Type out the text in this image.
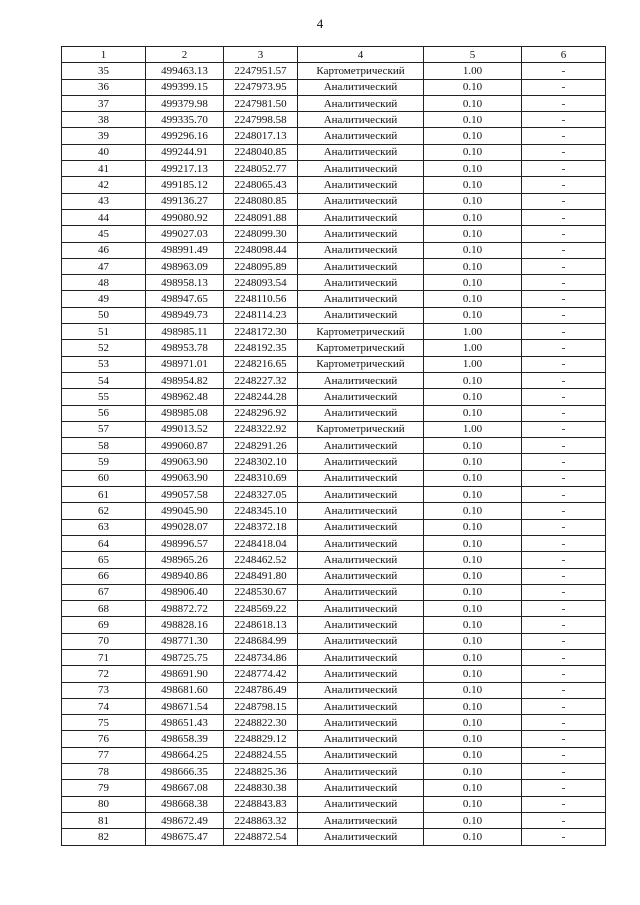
4
1	2	3	4	5	6
35	499463.13	2247951.57	Картометрический	1.00	-
36	499399.15	2247973.95	Аналитический	0.10	-
37	499379.98	2247981.50	Аналитический	0.10	-
38	499335.70	2247998.58	Аналитический	0.10	-
39	499296.16	2248017.13	Аналитический	0.10	-
40	499244.91	2248040.85	Аналитический	0.10	-
41	499217.13	2248052.77	Аналитический	0.10	-
42	499185.12	2248065.43	Аналитический	0.10	-
43	499136.27	2248080.85	Аналитический	0.10	-
44	499080.92	2248091.88	Аналитический	0.10	-
45	499027.03	2248099.30	Аналитический	0.10	-
46	498991.49	2248098.44	Аналитический	0.10	-
47	498963.09	2248095.89	Аналитический	0.10	-
48	498958.13	2248093.54	Аналитический	0.10	-
49	498947.65	2248110.56	Аналитический	0.10	-
50	498949.73	2248114.23	Аналитический	0.10	-
51	498985.11	2248172.30	Картометрический	1.00	-
52	498953.78	2248192.35	Картометрический	1.00	-
53	498971.01	2248216.65	Картометрический	1.00	-
54	498954.82	2248227.32	Аналитический	0.10	-
55	498962.48	2248244.28	Аналитический	0.10	-
56	498985.08	2248296.92	Аналитический	0.10	-
57	499013.52	2248322.92	Картометрический	1.00	-
58	499060.87	2248291.26	Аналитический	0.10	-
59	499063.90	2248302.10	Аналитический	0.10	-
60	499063.90	2248310.69	Аналитический	0.10	-
61	499057.58	2248327.05	Аналитический	0.10	-
62	499045.90	2248345.10	Аналитический	0.10	-
63	499028.07	2248372.18	Аналитический	0.10	-
64	498996.57	2248418.04	Аналитический	0.10	-
65	498965.26	2248462.52	Аналитический	0.10	-
66	498940.86	2248491.80	Аналитический	0.10	-
67	498906.40	2248530.67	Аналитический	0.10	-
68	498872.72	2248569.22	Аналитический	0.10	-
69	498828.16	2248618.13	Аналитический	0.10	-
70	498771.30	2248684.99	Аналитический	0.10	-
71	498725.75	2248734.86	Аналитический	0.10	-
72	498691.90	2248774.42	Аналитический	0.10	-
73	498681.60	2248786.49	Аналитический	0.10	-
74	498671.54	2248798.15	Аналитический	0.10	-
75	498651.43	2248822.30	Аналитический	0.10	-
76	498658.39	2248829.12	Аналитический	0.10	-
77	498664.25	2248824.55	Аналитический	0.10	-
78	498666.35	2248825.36	Аналитический	0.10	-
79	498667.08	2248830.38	Аналитический	0.10	-
80	498668.38	2248843.83	Аналитический	0.10	-
81	498672.49	2248863.32	Аналитический	0.10	-
82	498675.47	2248872.54	Аналитический	0.10	-
